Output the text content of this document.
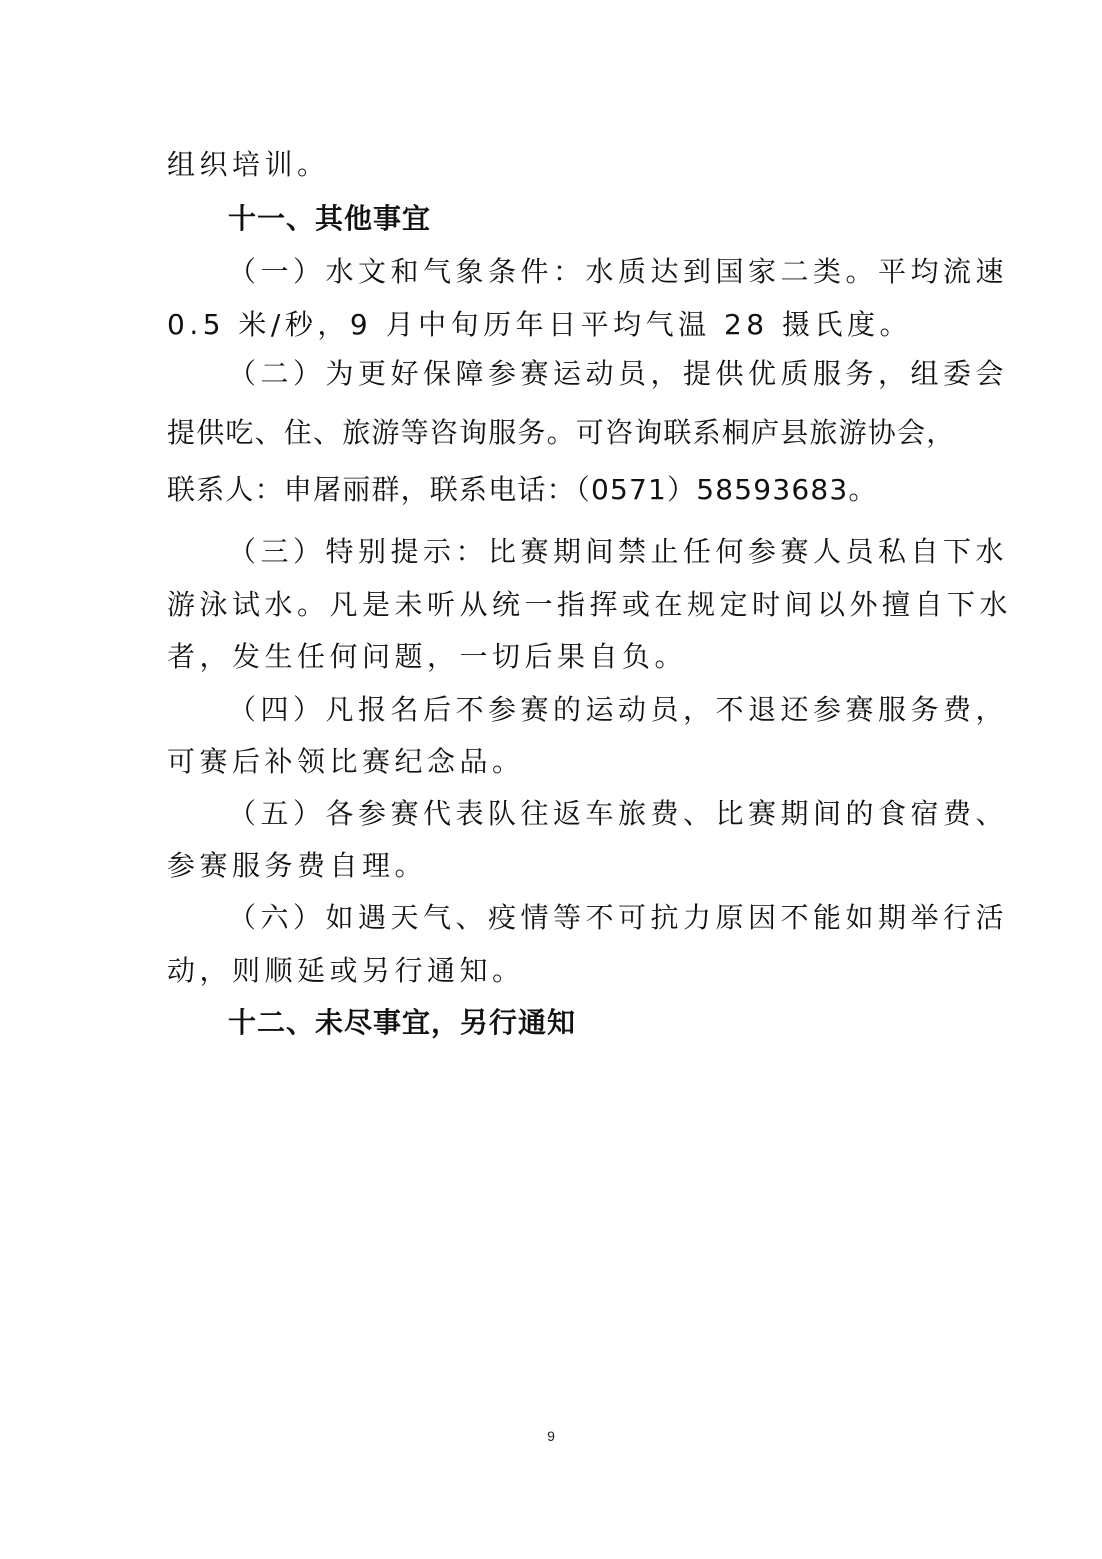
组织培训。
十一、其他事宜
（一）水文和气象条件：水质达到国家二类。平均流速
0.5 米/秒，9 月中旬历年日平均气温 28 摄氏度。
（二）为更好保障参赛运动员，提供优质服务，组委会
提供吃、住、旅游等咨询服务。可咨询联系桐庐县旅游协会，
联系人：申屠丽群，联系电话：（0571）58593683。
（三）特别提示：比赛期间禁止任何参赛人员私自下水
游泳试水。凡是未听从统一指挥或在规定时间以外擅自下水
者，发生任何问题，一切后果自负。
（四）凡报名后不参赛的运动员，不退还参赛服务费，
可赛后补领比赛纪念品。
（五）各参赛代表队往返车旅费、比赛期间的食宿费、
参赛服务费自理。
（六）如遇天气、疫情等不可抗力原因不能如期举行活
动，则顺延或另行通知。
十二、未尽事宜，另行通知
9
